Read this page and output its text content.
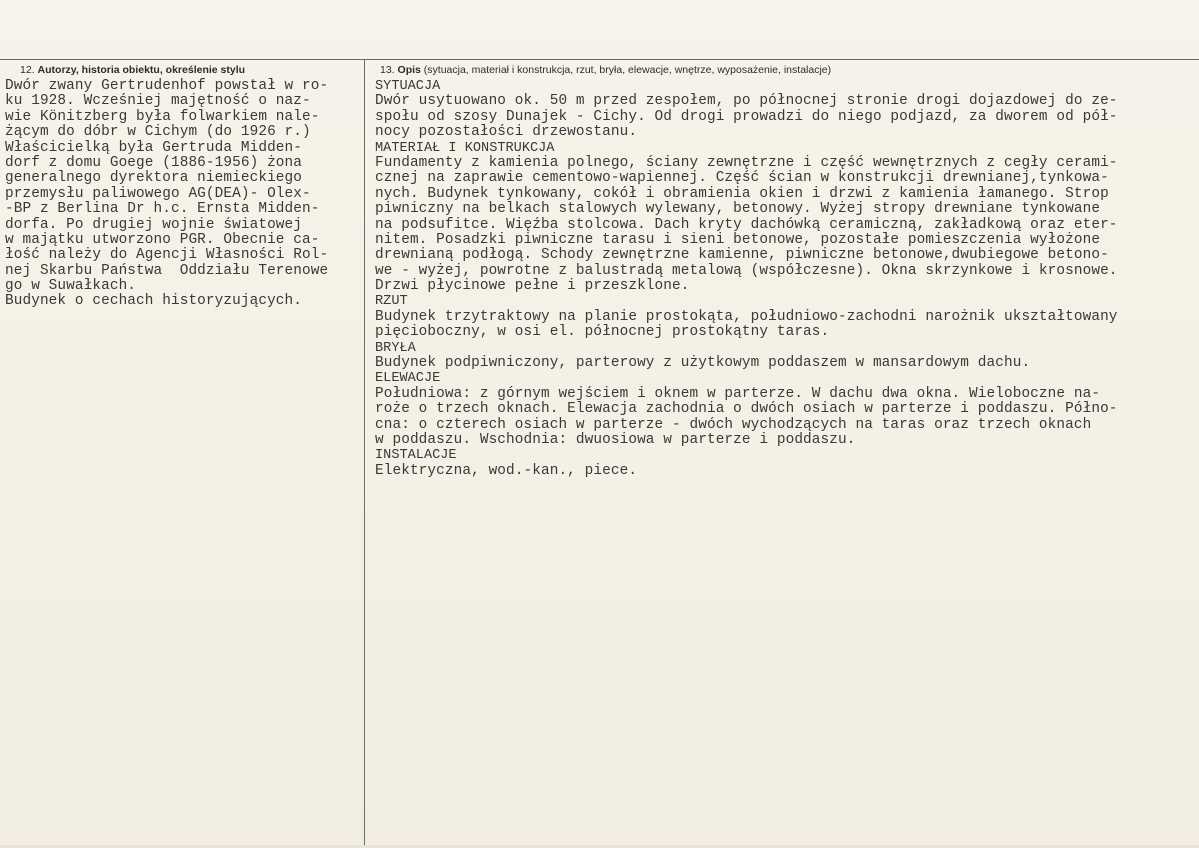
12. Autorzy, historia obiektu, określenie stylu	13. Opis (sytuacja, materiał i konstrukcja, rzut, bryła, elewacje, wnętrze, wyposażenie, instalacje)
Dwór zwany Gertrudenhof powstał w ro-
ku 1928. Wcześniej majętność o naz-
wie Könitzberg była folwarkiem nale-
żącym do dóbr w Cichym (do 1926 r.)
Właścicielką była Gertruda Midden-
dorf z domu Goege (1886-1956) żona
generalnego dyrektora niemieckiego
przemysłu paliwowego AG(DEA)- Olex-
-BP z Berlina Dr h.c. Ernsta Midden-
dorfa. Po drugiej wojnie światowej
w majątku utworzono PGR. Obecnie ca-
łość należy do Agencji Własności Rol-
nej Skarbu Państwa  Oddziału Terenowe
go w Suwałkach.
Budynek o cechach historyzujących.
SYTUACJA
Dwór usytuowano ok. 50 m przed zespołem, po północnej stronie drogi dojazdowej do ze-
społu od szosy Dunajek - Cichy. Od drogi prowadzi do niego podjazd, za dworem od pół-
nocy pozostałości drzewostanu.
MATERIAŁ I KONSTRUKCJA
Fundamenty z kamienia polnego, ściany zewnętrzne i część wewnętrznych z cegły cerami-
cznej na zaprawie cementowo-wapiennej. Część ścian w konstrukcji drewnianej,tynkowa-
nych. Budynek tynkowany, cokół i obramienia okien i drzwi z kamienia łamanego. Strop
piwniczny na belkach stalowych wylewany, betonowy. Wyżej stropy drewniane tynkowane
na podsufitce. Więźba stolcowa. Dach kryty dachówką ceramiczną, zakładkową oraz eter-
nitem. Posadzki piwniczne tarasu i sieni betonowe, pozostałe pomieszczenia wyłożone
drewnianą podłogą. Schody zewnętrzne kamienne, piwniczne betonowe,dwubiegowe betono-
we - wyżej, powrotne z balustradą metalową (współczesne). Okna skrzynkowe i krosnowe.
Drzwi płycinowe pełne i przeszklone.
RZUT
Budynek trzytraktowy na planie prostokąta, południowo-zachodni narożnik ukształtowany
pięcioboczny, w osi el. północnej prostokątny taras.
BRYŁA
Budynek podpiwniczony, parterowy z użytkowym poddaszem w mansardowym dachu.
ELEWACJE
Południowa: z górnym wejściem i oknem w parterze. W dachu dwa okna. Wieloboczne na-
roże o trzech oknach. Elewacja zachodnia o dwóch osiach w parterze i poddaszu. Półno-
cna: o czterech osiach w parterze - dwóch wychodzących na taras oraz trzech oknach
w poddaszu. Wschodnia: dwuosiowa w parterze i poddaszu.
INSTALACJE
Elektryczna, wod.-kan., piece.
